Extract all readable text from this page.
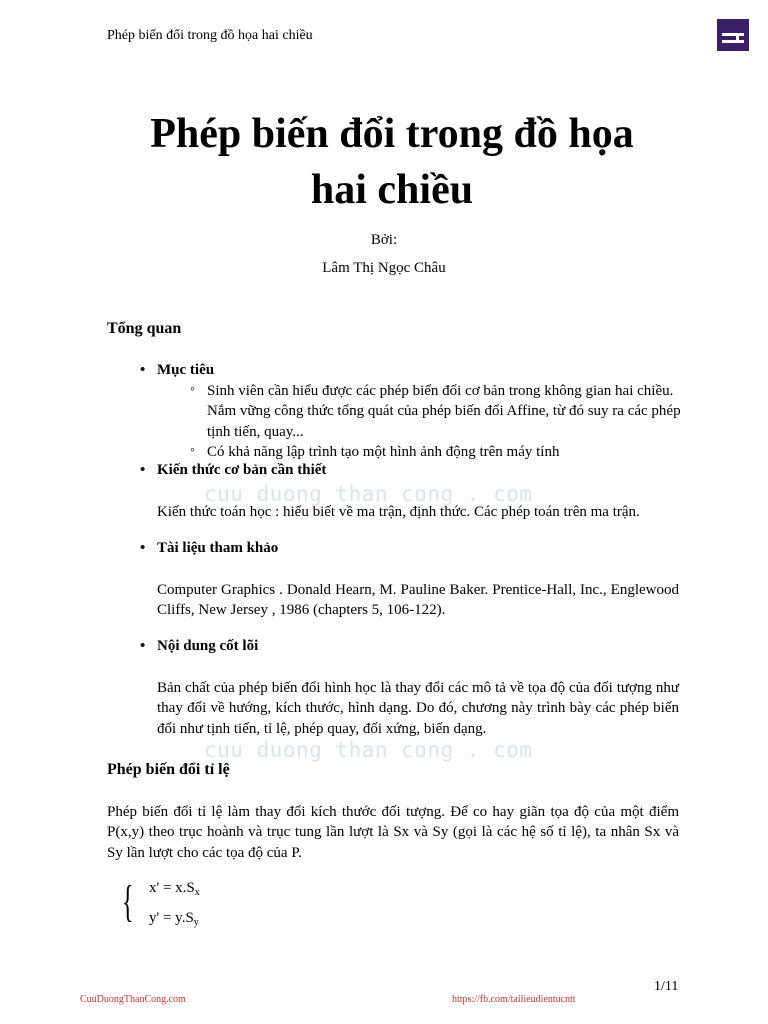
Phép biến đổi trong đồ họa hai chiều
Phép biến đổi trong đồ họa
hai chiều
Bởi:
Lâm Thị Ngọc Châu
Tổng quan
• Mục tiêu
◦ Sinh viên cần hiểu được các phép biến đổi cơ bản trong không gian hai chiều. Nắm vững công thức tổng quát của phép biến đổi Affine, từ đó suy ra các phép tịnh tiến, quay...
◦ Có khả năng lập trình tạo một hình ảnh động trên máy tính
• Kiến thức cơ bản cần thiết
cuu duong than cong . com
Kiến thức toán học : hiểu biết về ma trận, định thức. Các phép toán trên ma trận.
• Tài liệu tham khảo
Computer Graphics . Donald Hearn, M. Pauline Baker. Prentice-Hall, Inc., Englewood Cliffs, New Jersey , 1986 (chapters 5, 106-122).
• Nội dung cốt lõi
Bản chất của phép biến đổi hình học là thay đổi các mô tả về tọa độ của đối tượng như thay đổi về hướng, kích thước, hình dạng. Do đó, chương này trình bày các phép biến đổi như tịnh tiến, tỉ lệ, phép quay, đối xứng, biến dạng.
cuu duong than cong . com
Phép biến đổi tỉ lệ
Phép biến đổi tỉ lệ làm thay đổi kích thước đối tượng. Để co hay giãn tọa độ của một điểm P(x,y) theo trục hoành và trục tung lần lượt là Sx và Sy (gọi là các hệ số tỉ lệ), ta nhân Sx và Sy lần lượt cho các tọa độ của P.
{ $x' = x.S_x$
$y' = y.S_y$
1/11
CuuDuongThanCong.com	https://fb.com/tailieudientucntt
